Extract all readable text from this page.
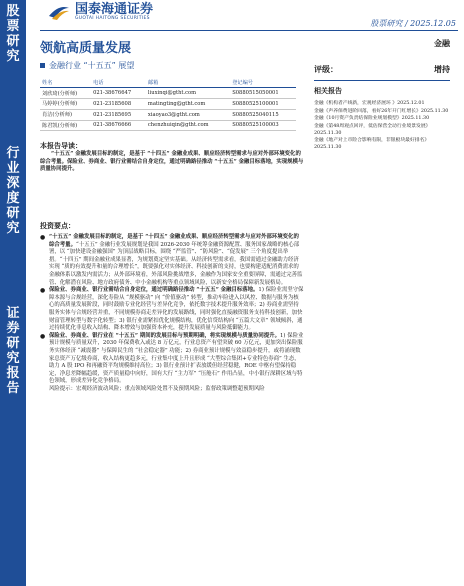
股
票
研
究
行
业
深
度
研
究
证
券
研
究
报
告
国泰海通证券
GUOTAI HAITONG SECURITIES
股票研究 / 2025.12.05
领航高质量发展
金融行业 “十五五” 展望
姓名	电话	邮箱	登记编号
刘欣琦(分析师)	021-38676647	liuxinqi@gtht.com	S0880515050001
马婷婷(分析师)	021-23185608	matingting@gtht.com	S0880525100001
肖洁(分析师)	021-23185695	xiaoyao3@gtht.com	S0880525040115
陈君凯(分析师)	021-38676666	chenzhuiqin@gtht.com	S0880525100003
金融
评级：	增持
相关报告
金融《机构者产线新，宏观经济展环 ​》2025.12.01
金融《声养保费进阶回落，看好26年开门红增长》2025.11.30
金融《10月资产负责结保险业规划模型》2025.11.30
金融《第48周观点回评，低估保营全动行业境景发展》2025.11.30
金融《地产对上市险合影响有限，非银板块最好排名》2025.11.30
本报告导读：
“十五五” 金融发展目标的制定，是基于 “十四五” 金融业成果、顺应经济转型需求与应对外部环境变化的综合考量。保险业、券商业、银行业需结合自身定位，通过明确路径推动 “十五五” 金融目标落地，实现规模与质量协同提升。
投资要点：
● “十五五” 金融发展目标的制定，是基于 “十四五” 金融业成果、顺应经济转型需求与应对外部环境变化的综合考量。“十五五” 金融行业发展规划是我国 2026-2030 年统筹金融资源配置、服务国家战略的核心部署，以 “加快建设金融强国” 为顶层战略目标，围绕 “严监管”、“防风险”、“促发展” 三个角度提出举措。“十四五” 期间金融业成果显著，为规划奠定坚实基础。从经济转型需求看，我国需通过金融助力经济实现 “质的有效提升和量的合理增长”，既要强化对实体经济、科技创新的支持，也要构建适配消费需求的金融体系以激发内需活力；从外部环境看，外部风险挑战增多，金融作为国家安全重要屏障，需通过完善监管、化解潜在风险、地方政府债务、中小金融机构等重点领域风险，以新安全格局保障新发展格局。
● 保险业、券商业、银行业需结合自身定位，通过明确路径推动 “十五五” 金融目标落地。1) 保险业需坚守保障本源与合规经营，深化寿险从 “规模驱动” 向 “价值驱动” 转型，推动车险进入以风控、数据与服务为核心的高质量发展阶段，同时鼓励专业化经营与差异化竞争，依托数字技术提升服务效率；2) 券商业需坚持服务实体与合规经营并重，不同规模券商走差异化的发展路线，同时强化直接融资服务支持科技创新，加快财富管理转型与数字化转型；3) 银行业需紧扣优化规模结构，优化信贷结构向 “五篇大文章” 领域倾斜，通过持续优化非息收入结构、降本增效与加强资本补充，提升发展质量与风险抵御能力。
● 保险业、券商业、银行业在 “十五五” 期间的发展目标与预期明确，将实现规模与质量协同提升。1) 保险业预计规模与质量双升，2030 年保费收入或达 8 万亿元，行业总资产有望突破 60 万亿元，更加突出保险服务实体经济 “减震器” 与保障民生的 “社会稳定器” 功能；2) 券商业预计规模与效益稳步提升，或将涌现数家总资产万亿级券商，收入结构更趋多元，行业集中度上升且形成 “大型综合集团+专业特色券商” 生态，助力 A 股 IPO 和再融资平均规模维持高位；3) 银行业预计扩表放缓但经营稳健，ROE 中枢有望保持稳定，净息差降幅趋缓，资产质量稳中向好，国有大行 “主力军” “压舱石” 作用凸显，中小银行深耕区域与特色领域，形成差异化竞争格局。
风险提示：宏观经济波动风险；重点领域风险处置不及预期风险；监督政策调整超预期风险
